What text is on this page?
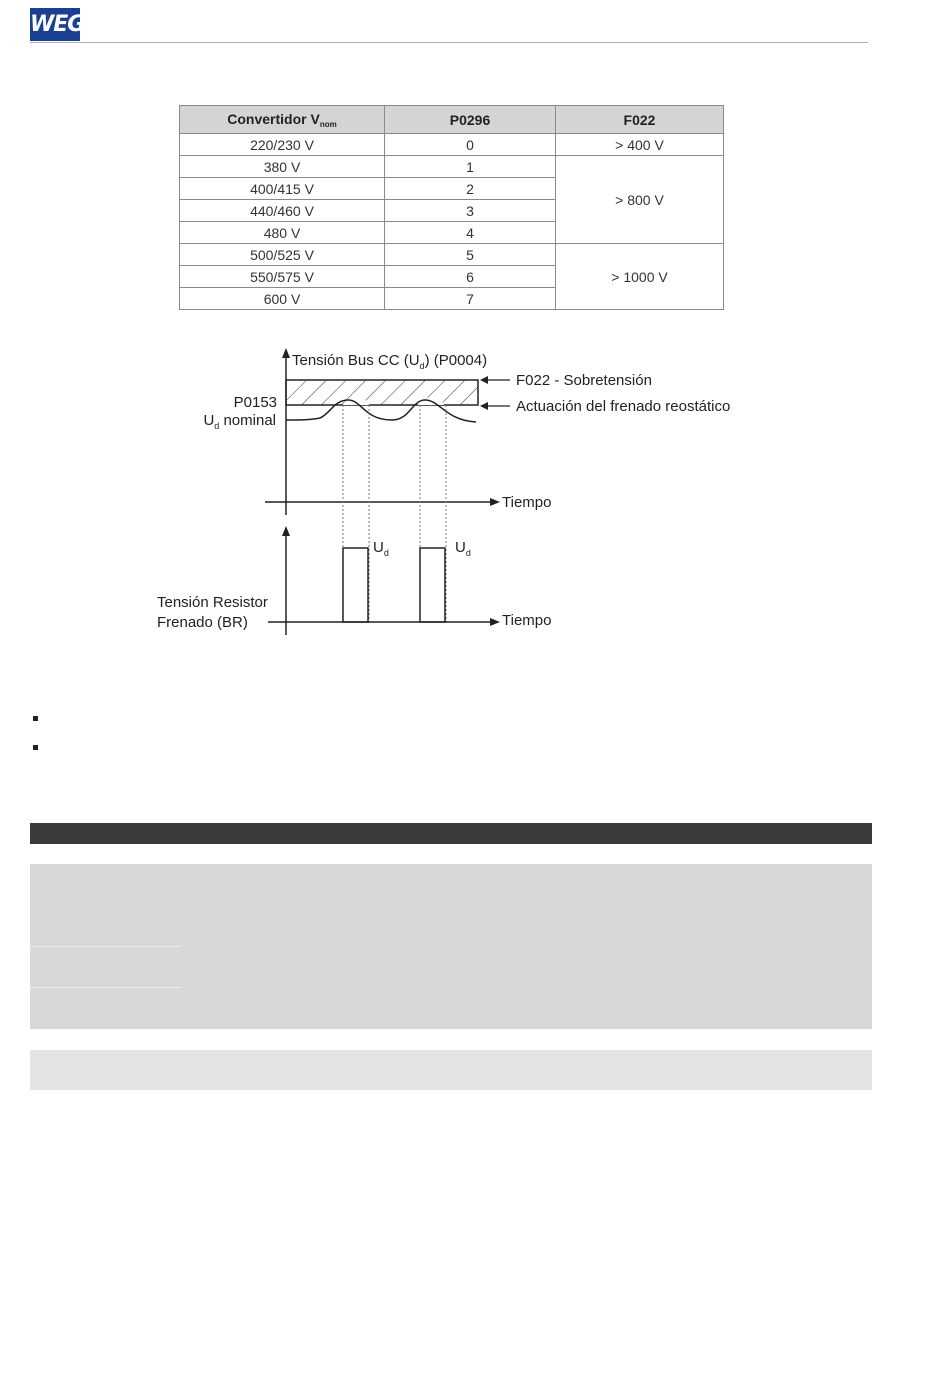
WEG
Convertidor $V_{nom}$	P0296	F022
220/230 V	0	> 400 V
380 V	1	> 800 V
400/415 V	2	
440/460 V	3	
480 V	4	
500/525 V	5	> 1000 V
550/575 V	6	
600 V	7	
Tensión Bus CC $(U_d)$ (P0004)
F022 - Sobretensión
Actuación del frenado reostático
P0153
$U_d$ nominal
Tiempo
Tiempo
$U_d$	$U_d$
Tensión Resistor
Frenado (BR)
